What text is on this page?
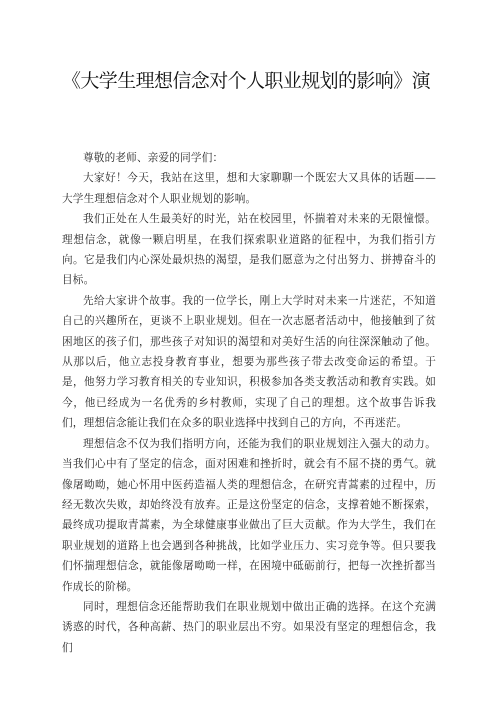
《大学生理想信念对个人职业规划的影响》演

尊敬的老师、亲爱的同学们：

大家好！今天，我站在这里，想和大家聊聊一个既宏大又具体的话题——大学生理想信念对个人职业规划的影响。

我们正处在人生最美好的时光，站在校园里，怀揣着对未来的无限憧憬。理想信念，就像一颗启明星，在我们探索职业道路的征程中，为我们指引方向。它是我们内心深处最炽热的渴望，是我们愿意为之付出努力、拼搏奋斗的目标。

先给大家讲个故事。我的一位学长，刚上大学时对未来一片迷茫，不知道自己的兴趣所在，更谈不上职业规划。但在一次志愿者活动中，他接触到了贫困地区的孩子们，那些孩子对知识的渴望和对美好生活的向往深深触动了他。从那以后，他立志投身教育事业，想要为那些孩子带去改变命运的希望。于是，他努力学习教育相关的专业知识，积极参加各类支教活动和教育实践。如今，他已经成为一名优秀的乡村教师，实现了自己的理想。这个故事告诉我们，理想信念能让我们在众多的职业选择中找到自己的方向，不再迷茫。

理想信念不仅为我们指明方向，还能为我们的职业规划注入强大的动力。当我们心中有了坚定的信念，面对困难和挫折时，就会有不屈不挠的勇气。就像屠呦呦，她心怀用中医药造福人类的理想信念，在研究青蒿素的过程中，历经无数次失败，却始终没有放弃。正是这份坚定的信念，支撑着她不断探索，最终成功提取青蒿素，为全球健康事业做出了巨大贡献。作为大学生，我们在职业规划的道路上也会遇到各种挑战，比如学业压力、实习竞争等。但只要我们怀揣理想信念，就能像屠呦呦一样，在困境中砥砺前行，把每一次挫折都当作成长的阶梯。

同时，理想信念还能帮助我们在职业规划中做出正确的选择。在这个充满诱惑的时代，各种高薪、热门的职业层出不穷。如果没有坚定的理想信念，我们
